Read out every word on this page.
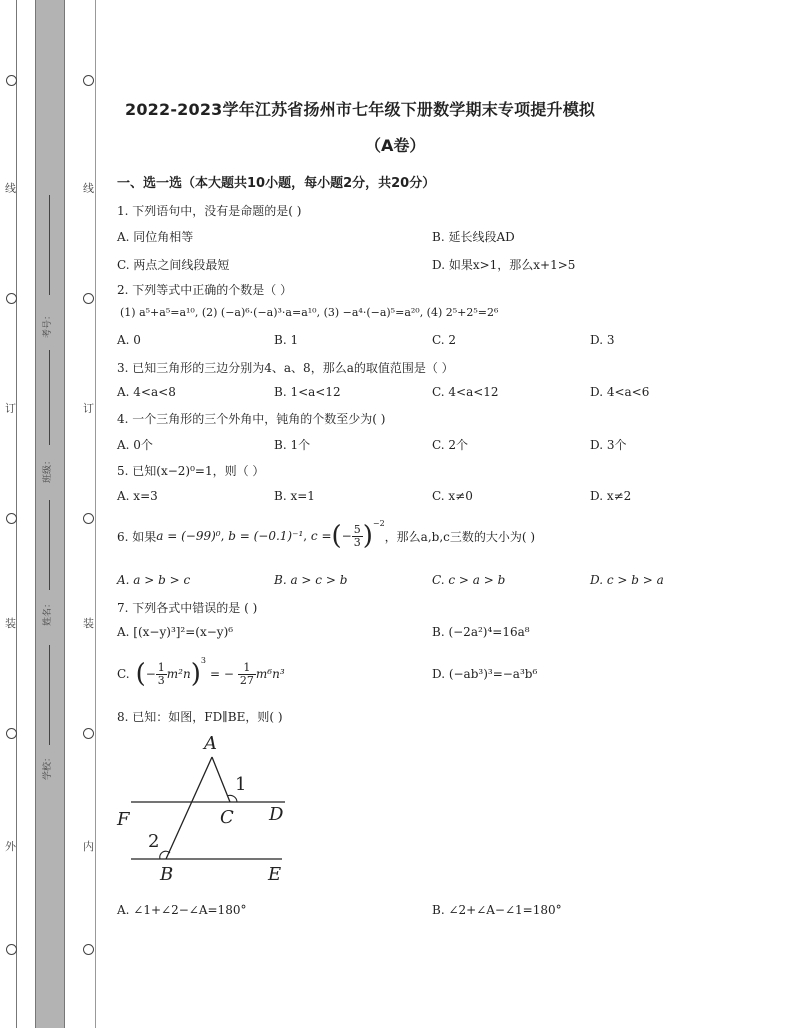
线
订
装
外
线
订
装
内
考号：
班级：
姓名：
学校：
2022-2023学年江苏省扬州市七年级下册数学期末专项提升模拟
（A卷）
一、选一选（本大题共10小题，每小题2分，共20分）
1. 下列语句中，没有是命题的是( )
A. 同位角相等	B. 延长线段AD
C. 两点之间线段最短	D. 如果x>1，那么x+1>5
2. 下列等式中正确的个数是（ ）
(1) a⁵+a⁵=a¹⁰, (2) (−a)⁶·(−a)³·a=a¹⁰, (3) −a⁴·(−a)⁵=a²⁰, (4) 2⁵+2⁵=2⁶
A. 0	B. 1	C. 2	D. 3
3. 已知三角形的三边分别为4、a、8，那么a的取值范围是（ ）
A. 4<a<8	B. 1<a<12	C. 4<a<12	D. 4<a<6
4. 一个三角形的三个外角中，钝角的个数至少为( )
A. 0个	B. 1个	C. 2个	D. 3个
5. 已知(x−2)⁰=1，则（ ）
A. x=3	B. x=1	C. x≠0	D. x≠2
6. 如果 a = (−99)⁰ , b = (−0.1)⁻¹ , c = ( − $\frac{5}{3} )^{-2}$
，那么a,b,c三数的大小为( )
A. a > b > c	B. a > c > b	C. c > a > b	D. c > b > a
7. 下列各式中错误的是 ( )
A. [(x−y)³]²=(x−y)⁶	B. (−2a²)⁴=16a⁸
C. ( − $\frac{1}{3} m^2n$ )$^3$
= − $\frac{1}{27} m^6n^3$	D. (−ab³)³=−a³b⁶
8. 已知：如图，FD∥BE，则( )
A
1
F	C D
2
B	E
A. ∠1+∠2−∠A=180°	B. ∠2+∠A−∠1=180°
